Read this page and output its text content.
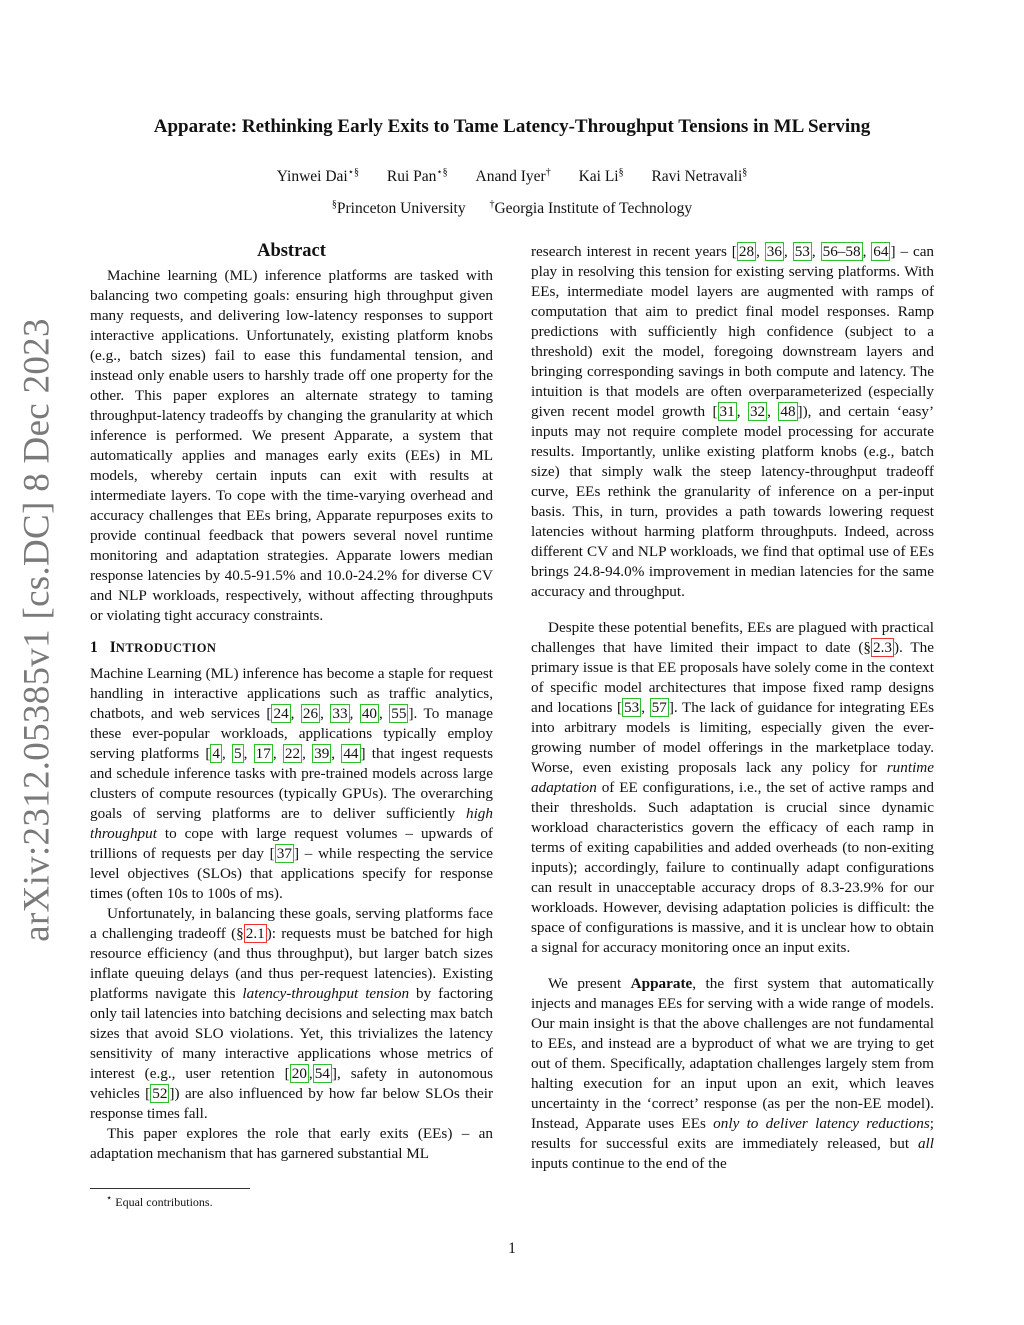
arXiv:2312.05385v1 [cs.DC] 8 Dec 2023
Apparate: Rethinking Early Exits to Tame Latency-Throughput Tensions in ML Serving
Yinwei Dai⋆§ Rui Pan⋆§ Anand Iyer† Kai Li§ Ravi Netravali§
§Princeton University †Georgia Institute of Technology
Abstract

Machine learning (ML) inference platforms are tasked with balancing two competing goals: ensuring high throughput given many requests, and delivering low-latency responses to support interactive applications. Unfortunately, existing platform knobs (e.g., batch sizes) fail to ease this fundamental tension, and instead only enable users to harshly trade off one property for the other. This paper explores an alternate strategy to taming throughput-latency tradeoffs by changing the granularity at which inference is performed. We present Apparate, a system that automatically applies and manages early exits (EEs) in ML models, whereby certain inputs can exit with results at intermediate layers. To cope with the time-varying overhead and accuracy challenges that EEs bring, Apparate repurposes exits to provide continual feedback that powers several novel runtime monitoring and adaptation strategies. Apparate lowers median response latencies by 40.5-91.5% and 10.0-24.2% for diverse CV and NLP workloads, respectively, without affecting throughputs or violating tight accuracy constraints.

1 INTRODUCTION

Machine Learning (ML) inference has become a staple for request handling in interactive applications such as traffic analytics, chatbots, and web services [ 24 , 26 , 33 , 40 , 55 ]. To manage these ever-popular workloads, applications typically employ serving platforms [ 4 , 5 , 17 , 22 , 39 , 44 ] that ingest requests and schedule inference tasks with pre-trained models across large clusters of compute resources (typically GPUs). The overarching goals of serving platforms are to deliver sufficiently high throughput to cope with large request volumes – upwards of trillions of requests per day [ 37 ] – while respecting the service level objectives (SLOs) that applications specify for response times (often 10s to 100s of ms).

Unfortunately, in balancing these goals, serving platforms face a challenging tradeoff (§ 2.1 ): requests must be batched for high resource efficiency (and thus throughput), but larger batch sizes inflate queuing delays (and thus per-request latencies). Existing platforms navigate this latency-throughput tension by factoring only tail latencies into batching decisions and selecting max batch sizes that avoid SLO violations. Yet, this trivializes the latency sensitivity of many interactive applications whose metrics of interest (e.g., user retention [ 20 , 54 ], safety in autonomous vehicles [ 52 ]) are also influenced by how far below SLOs their response times fall.

This paper explores the role that early exits (EEs) – an adaptation mechanism that has garnered substantial ML

research interest in recent years [ 28 , 36 , 53 , 56–58 , 64 ] – can play in resolving this tension for existing serving platforms. With EEs, intermediate model layers are augmented with ramps of computation that aim to predict final model responses. Ramp predictions with sufficiently high confidence (subject to a threshold) exit the model, foregoing downstream layers and bringing corresponding savings in both compute and latency. The intuition is that models are often overparameterized (especially given recent model growth [ 31 , 32 , 48 ]), and certain ‘easy’ inputs may not require complete model processing for accurate results. Importantly, unlike existing platform knobs (e.g., batch size) that simply walk the steep latency-throughput tradeoff curve, EEs rethink the granularity of inference on a per-input basis. This, in turn, provides a path towards lowering request latencies without harming platform throughputs. Indeed, across different CV and NLP workloads, we find that optimal use of EEs brings 24.8-94.0% improvement in median latencies for the same accuracy and throughput.

Despite these potential benefits, EEs are plagued with practical challenges that have limited their impact to date (§ 2.3 ). The primary issue is that EE proposals have solely come in the context of specific model architectures that impose fixed ramp designs and locations [ 53 , 57 ]. The lack of guidance for integrating EEs into arbitrary models is limiting, especially given the ever-growing number of model offerings in the marketplace today. Worse, even existing proposals lack any policy for runtime adaptation of EE configurations, i.e., the set of active ramps and their thresholds. Such adaptation is crucial since dynamic workload characteristics govern the efficacy of each ramp in terms of exiting capabilities and added overheads (to non-exiting inputs); accordingly, failure to continually adapt configurations can result in unacceptable accuracy drops of 8.3-23.9% for our workloads. However, devising adaptation policies is difficult: the space of configurations is massive, and it is unclear how to obtain a signal for accuracy monitoring once an input exits.

We present Apparate, the first system that automatically injects and manages EEs for serving with a wide range of models. Our main insight is that the above challenges are not fundamental to EEs, and instead are a byproduct of what we are trying to get out of them. Specifically, adaptation challenges largely stem from halting execution for an input upon an exit, which leaves uncertainty in the ‘correct’ response (as per the non-EE model). Instead, Apparate uses EEs only to deliver latency reductions; results for successful exits are immediately released, but all inputs continue to the end of the

⋆ Equal contributions.
1
